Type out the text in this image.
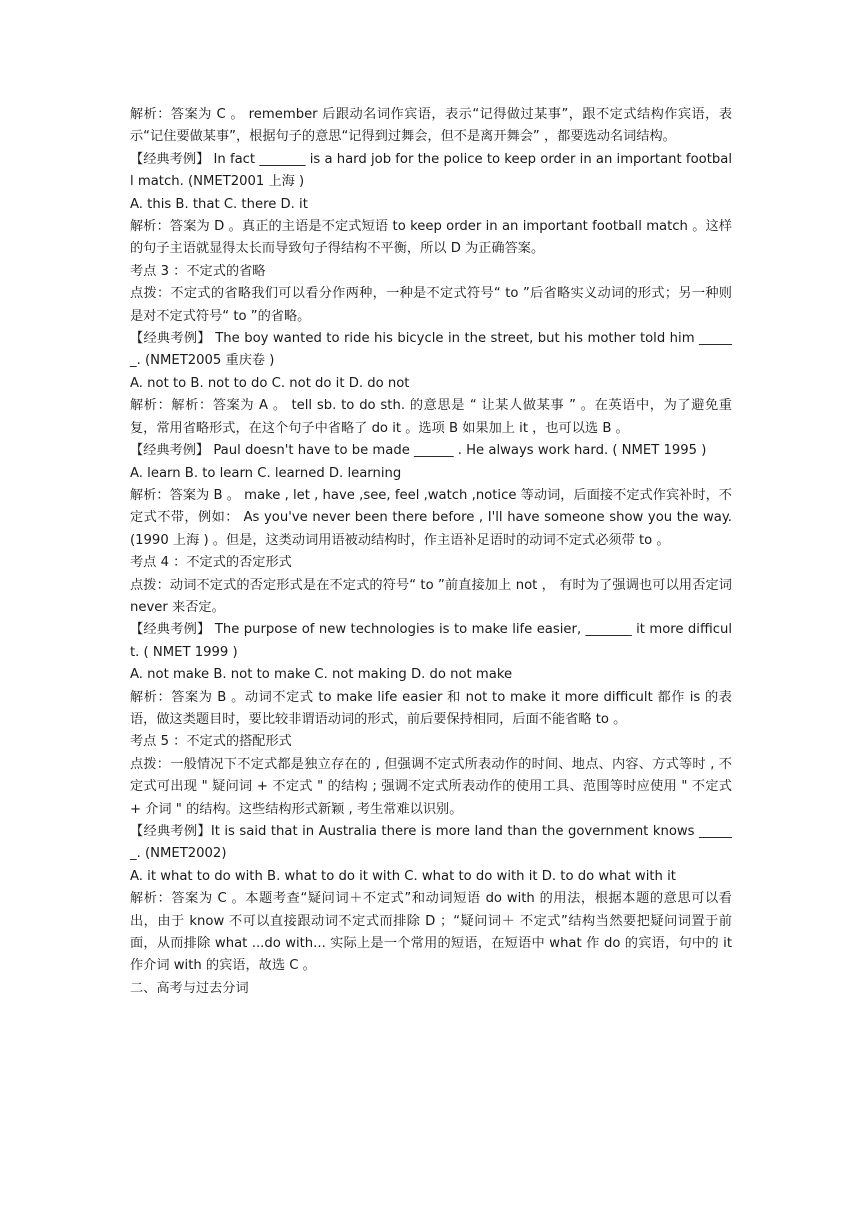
解析：答案为 C 。 remember 后跟动名词作宾语，表示“记得做过某事”，跟不定式结构作宾语，表示“记住要做某事”，根据句子的意思“记得到过舞会，但不是离开舞会” ，都要选动名词结构。

【经典考例】 In fact _______ is a hard job for the police to keep order in an important football match. (NMET2001 上海 )

A. this B. that C. there D. it

解析：答案为 D 。真正的主语是不定式短语 to keep order in an important football match 。这样的句子主语就显得太长而导致句子得结构不平衡，所以 D 为正确答案。

考点 3 ：不定式的省略

点拨：不定式的省略我们可以看分作两种，一种是不定式符号“ to ”后省略实义动词的形式；另一种则是对不定式符号“ to ”的省略。

【经典考例】 The boy wanted to ride his bicycle in the street, but his mother told him ______. (NMET2005 重庆卷 )

A. not to B. not to do C. not do it D. do not

解析：解析：答案为 A 。 tell sb. to do sth. 的意思是 “ 让某人做某事 ” 。在英语中，为了避免重复，常用省略形式，在这个句子中省略了 do it 。选项 B 如果加上 it ，也可以选 B 。

【经典考例】 Paul doesn't have to be made ______ . He always work hard. ( NMET 1995 )

A. learn B. to learn C. learned D. learning

解析：答案为 B 。 make , let , have ,see, feel ,watch ,notice 等动词，后面接不定式作宾补时，不定式不带，例如： As you've never been there before , I'll have someone show you the way. (1990 上海 ) 。但是，这类动词用语被动结构时，作主语补足语时的动词不定式必须带 to 。

考点 4 ：不定式的否定形式

点拨：动词不定式的否定形式是在不定式的符号“ to ”前直接加上 not ， 有时为了强调也可以用否定词 never 来否定。

【经典考例】 The purpose of new technologies is to make life easier, _______ it more difficult. ( NMET 1999 )

A. not make B. not to make C. not making D. do not make

解析：答案为 B 。动词不定式 to make life easier 和 not to make it more difficult 都作 is 的表语，做这类题目时，要比较非谓语动词的形式，前后要保持相同，后面不能省略 to 。

考点 5 ：不定式的搭配形式

点拨：一般情况下不定式都是独立存在的 , 但强调不定式所表动作的时间、地点、内容、方式等时 , 不定式可出现 " 疑问词 + 不定式 " 的结构 ; 强调不定式所表动作的使用工具、范围等时应使用 " 不定式 + 介词 " 的结构。这些结构形式新颖 , 考生常难以识别。

【经典考例】It is said that in Australia there is more land than the government knows ______. (NMET2002)

A. it what to do with B. what to do it with C. what to do with it D. to do what with it

解析：答案为 C 。本题考查“疑问词＋不定式”和动词短语 do with 的用法，根据本题的意思可以看出，由于 know 不可以直接跟动词不定式而排除 D ；“疑问词＋ 不定式”结构当然要把疑问词置于前面，从而排除 what ...do with... 实际上是一个常用的短语，在短语中 what 作 do 的宾语，句中的 it 作介词 with 的宾语，故选 C 。

二、高考与过去分词
